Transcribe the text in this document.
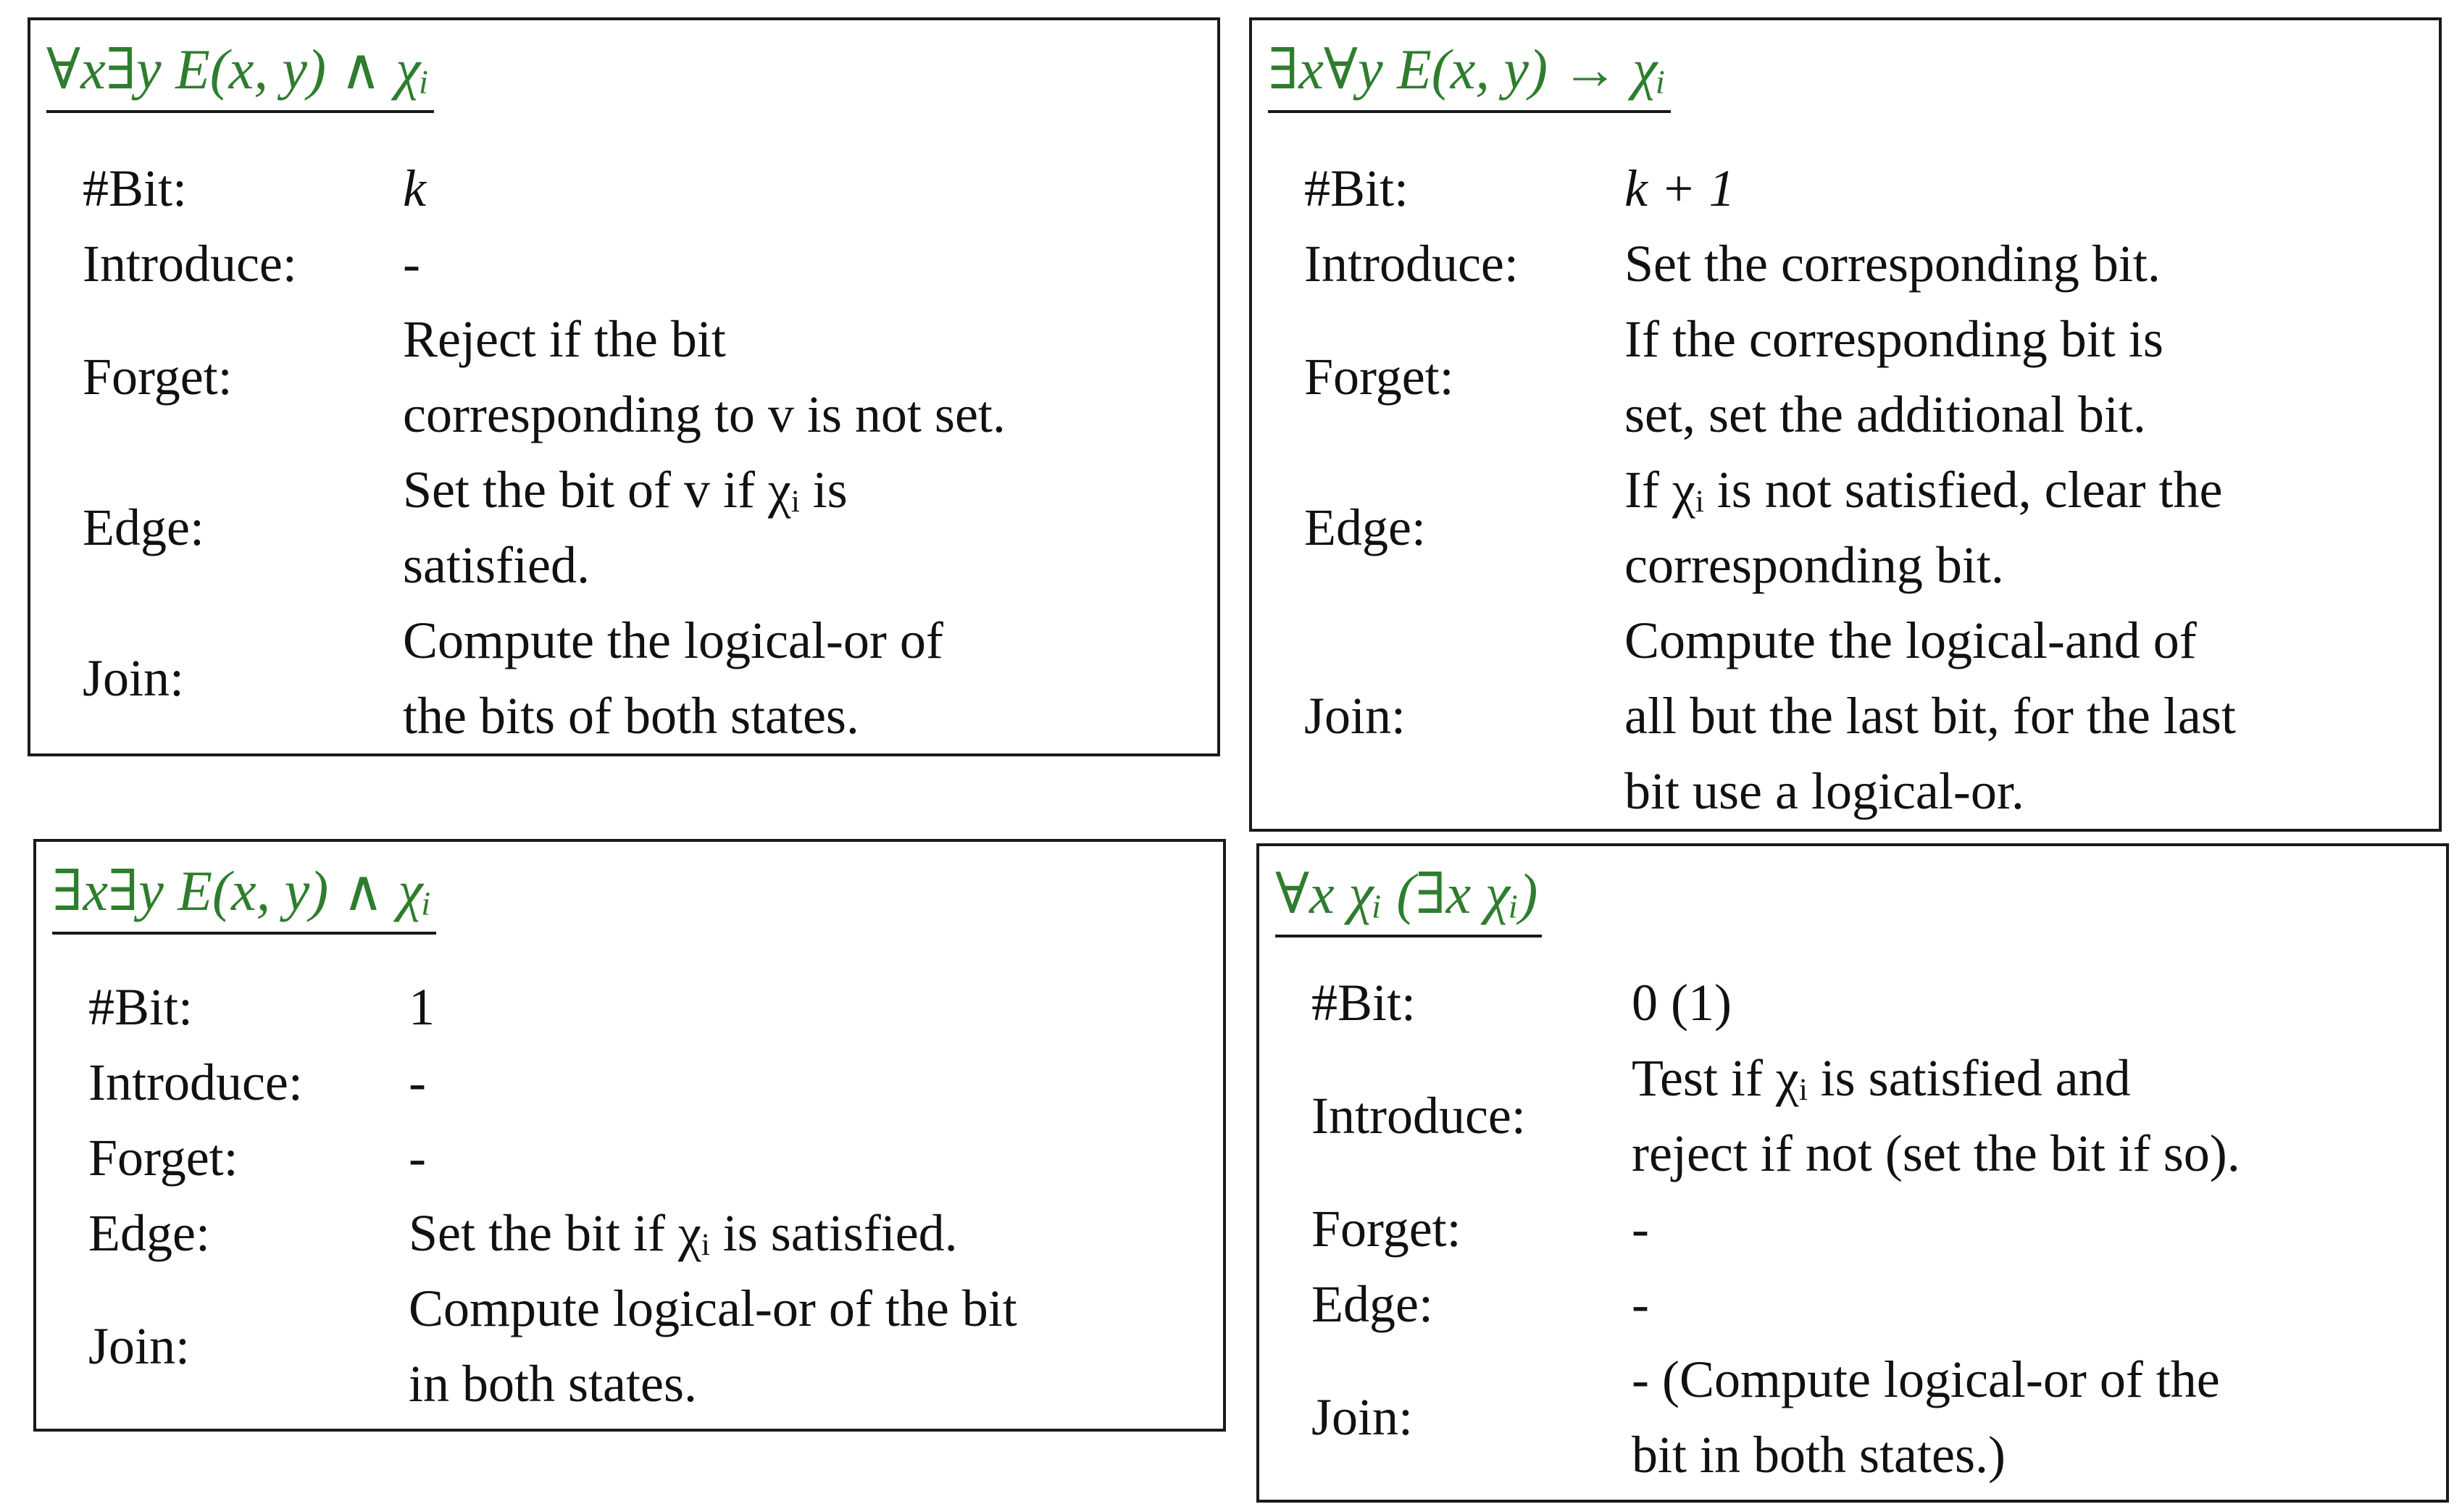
∀x∃y E(x, y) ∧ χᵢ
#Bit:	k
Introduce: -
Forget:
Reject if the bit
corresponding to v is not set.
Edge:
Set the bit of v if χᵢ is
satisfied.
Join:
Compute the logical-or of
the bits of both states.
∃x∀y E(x, y) → χᵢ
#Bit:	k + 1
Introduce: Set the corresponding bit.
Forget:
If the corresponding bit is
set, set the additional bit.
Edge:
If χᵢ is not satisfied, clear the
corresponding bit.
Join:
Compute the logical-and of
all but the last bit, for the last
bit use a logical-or.
∃x∃y E(x, y) ∧ χᵢ
#Bit:	1
Introduce: -
Forget:	-
Edge:	Set the bit if χᵢ is satisfied.
Join:
Compute logical-or of the bit
in both states.
∀x χᵢ (∃x χᵢ)
#Bit:	0 (1)
Introduce:
Test if χᵢ is satisfied and
reject if not (set the bit if so).
Forget:	-
Edge:	-
Join:
- (Compute logical-or of the
bit in both states.)
